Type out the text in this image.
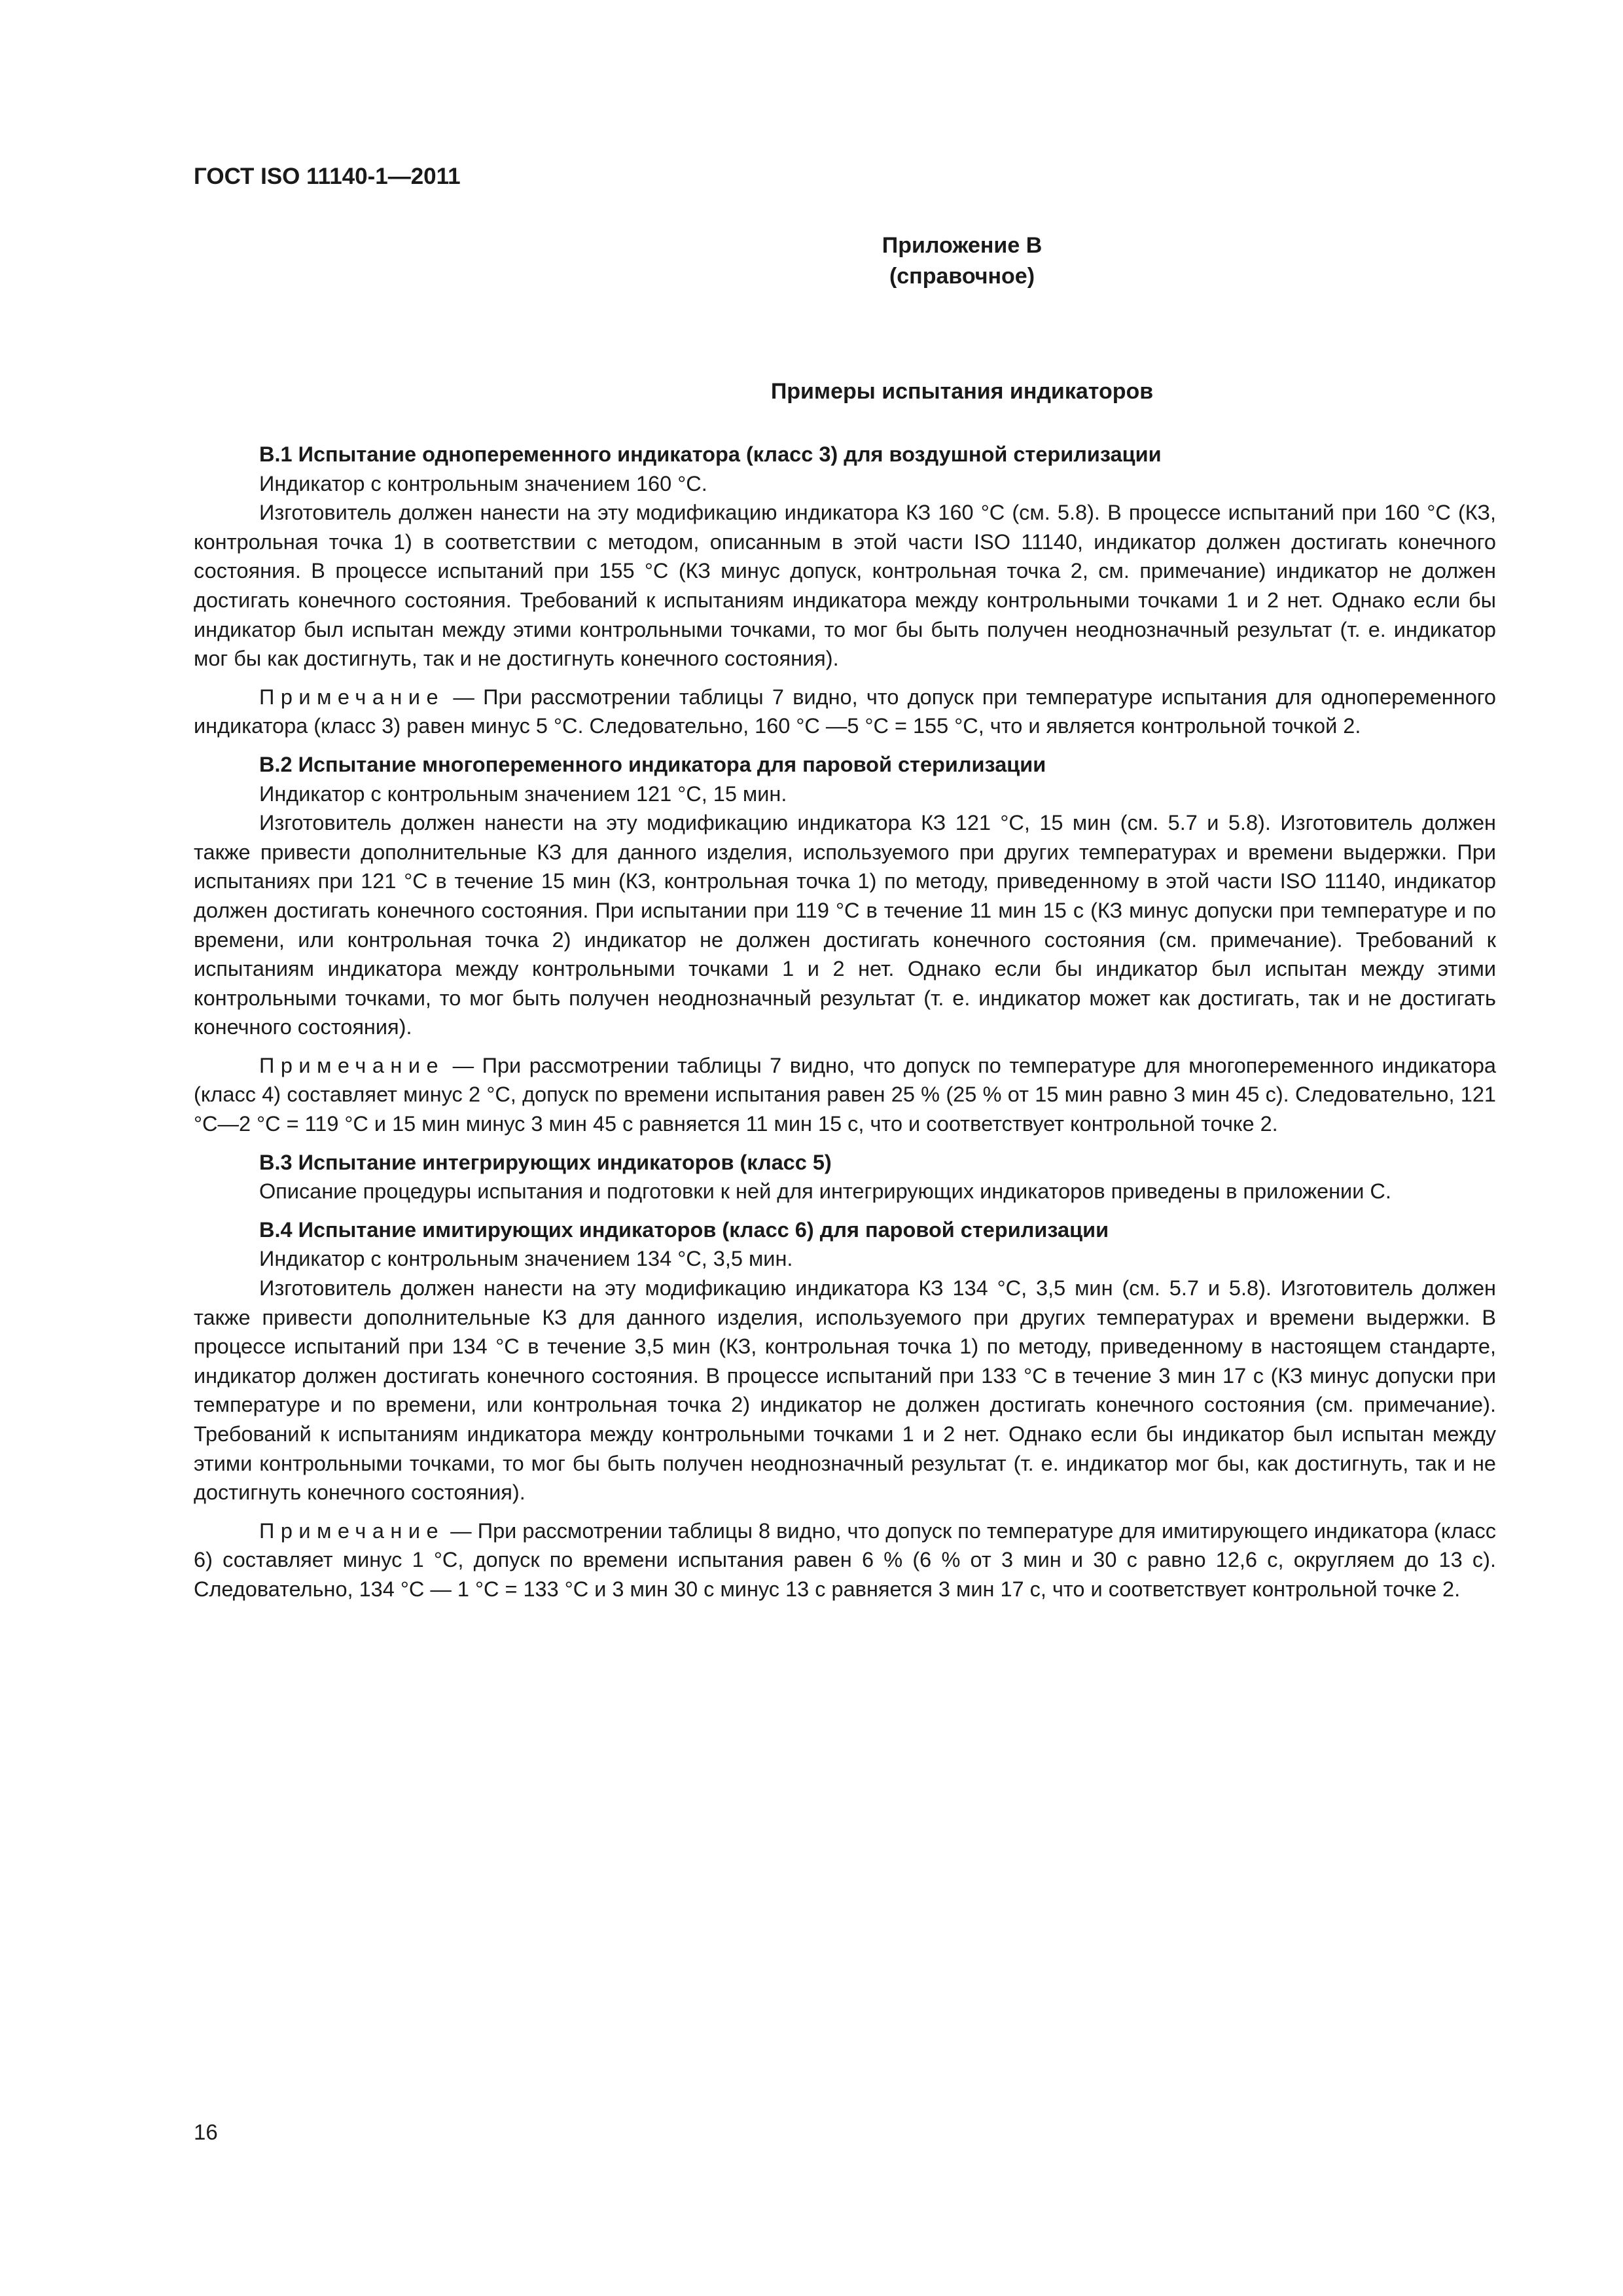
ГОСТ ISO 11140-1—2011
Приложение В
(справочное)
Примеры испытания индикаторов
В.1 Испытание однопеременного индикатора (класс 3) для воздушной стерилизации

Индикатор с контрольным значением 160 °С.

Изготовитель должен нанести на эту модификацию индикатора КЗ 160 °С (см. 5.8). В процессе испытаний при 160 °С (КЗ, контрольная точка 1) в соответствии с методом, описанным в этой части ISO 11140, индикатор должен достигать конечного состояния. В процессе испытаний при 155 °С (КЗ минус допуск, контрольная точка 2, см. примечание) индикатор не должен достигать конечного состояния. Требований к испытаниям индикатора между контрольными точками 1 и 2 нет. Однако если бы индикатор был испытан между этими контрольными точками, то мог бы быть получен неоднозначный результат (т. е. индикатор мог бы как достигнуть, так и не достигнуть конечного состояния).

Примечание — При рассмотрении таблицы 7 видно, что допуск при температуре испытания для однопеременного индикатора (класс 3) равен минус 5 °С. Следовательно, 160 °С —5 °С = 155 °С, что и является контрольной точкой 2.

В.2 Испытание многопеременного индикатора для паровой стерилизации

Индикатор с контрольным значением 121 °С, 15 мин.

Изготовитель должен нанести на эту модификацию индикатора КЗ 121 °С, 15 мин (см. 5.7 и 5.8). Изготовитель должен также привести дополнительные КЗ для данного изделия, используемого при других температурах и времени выдержки. При испытаниях при 121 °С в течение 15 мин (КЗ, контрольная точка 1) по методу, приведенному в этой части ISO 11140, индикатор должен достигать конечного состояния. При испытании при 119 °С в течение 11 мин 15 с (КЗ минус допуски при температуре и по времени, или контрольная точка 2) индикатор не должен достигать конечного состояния (см. примечание). Требований к испытаниям индикатора между контрольными точками 1 и 2 нет. Однако если бы индикатор был испытан между этими контрольными точками, то мог быть получен неоднозначный результат (т. е. индикатор может как достигать, так и не достигать конечного состояния).

Примечание — При рассмотрении таблицы 7 видно, что допуск по температуре для многопеременного индикатора (класс 4) составляет минус 2 °С, допуск по времени испытания равен 25 % (25 % от 15 мин равно 3 мин 45 с). Следовательно, 121 °С—2 °С = 119 °С и 15 мин минус 3 мин 45 с равняется 11 мин 15 с, что и соответствует контрольной точке 2.

В.3 Испытание интегрирующих индикаторов (класс 5)

Описание процедуры испытания и подготовки к ней для интегрирующих индикаторов приведены в приложении С.

В.4 Испытание имитирующих индикаторов (класс 6) для паровой стерилизации

Индикатор с контрольным значением 134 °С, 3,5 мин.

Изготовитель должен нанести на эту модификацию индикатора КЗ 134 °С, 3,5 мин (см. 5.7 и 5.8). Изготовитель должен также привести дополнительные КЗ для данного изделия, используемого при других температурах и времени выдержки. В процессе испытаний при 134 °С в течение 3,5 мин (КЗ, контрольная точка 1) по методу, приведенному в настоящем стандарте, индикатор должен достигать конечного состояния. В процессе испытаний при 133 °С в течение 3 мин 17 с (КЗ минус допуски при температуре и по времени, или контрольная точка 2) индикатор не должен достигать конечного состояния (см. примечание). Требований к испытаниям индикатора между контрольными точками 1 и 2 нет. Однако если бы индикатор был испытан между этими контрольными точками, то мог бы быть получен неоднозначный результат (т. е. индикатор мог бы, как достигнуть, так и не достигнуть конечного состояния).

Примечание — При рассмотрении таблицы 8 видно, что допуск по температуре для имитирующего индикатора (класс 6) составляет минус 1 °С, допуск по времени испытания равен 6 % (6 % от 3 мин и 30 с равно 12,6 с, округляем до 13 с). Следовательно, 134 °С — 1 °С = 133 °С и 3 мин 30 с минус 13 с равняется 3 мин 17 с, что и соответствует контрольной точке 2.

16
